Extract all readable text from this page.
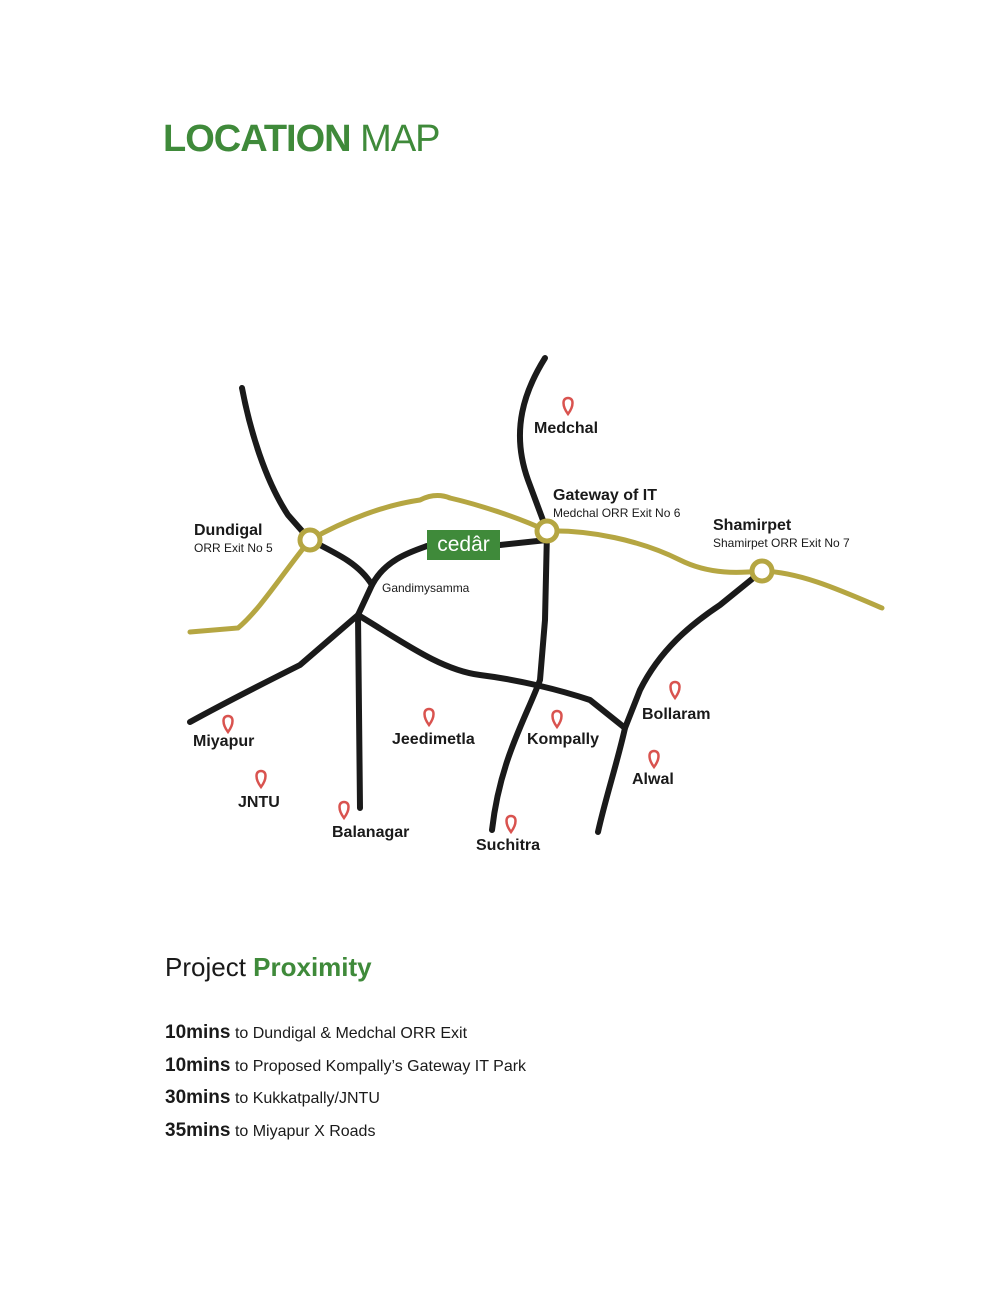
LOCATION MAP
cedâr
Dundigal
ORR Exit No 5
Gateway of IT
Medchal ORR Exit No 6
Shamirpet
Shamirpet ORR Exit No 7
Gandimysamma
Medchal
Miyapur
JNTU
Jeedimetla
Balanagar
Kompally
Suchitra
Bollaram
Alwal
Project Proximity
10mins to Dundigal & Medchal ORR Exit
10mins to Proposed Kompally’s Gateway IT Park
30mins to Kukkatpally/JNTU
35mins to Miyapur X Roads
